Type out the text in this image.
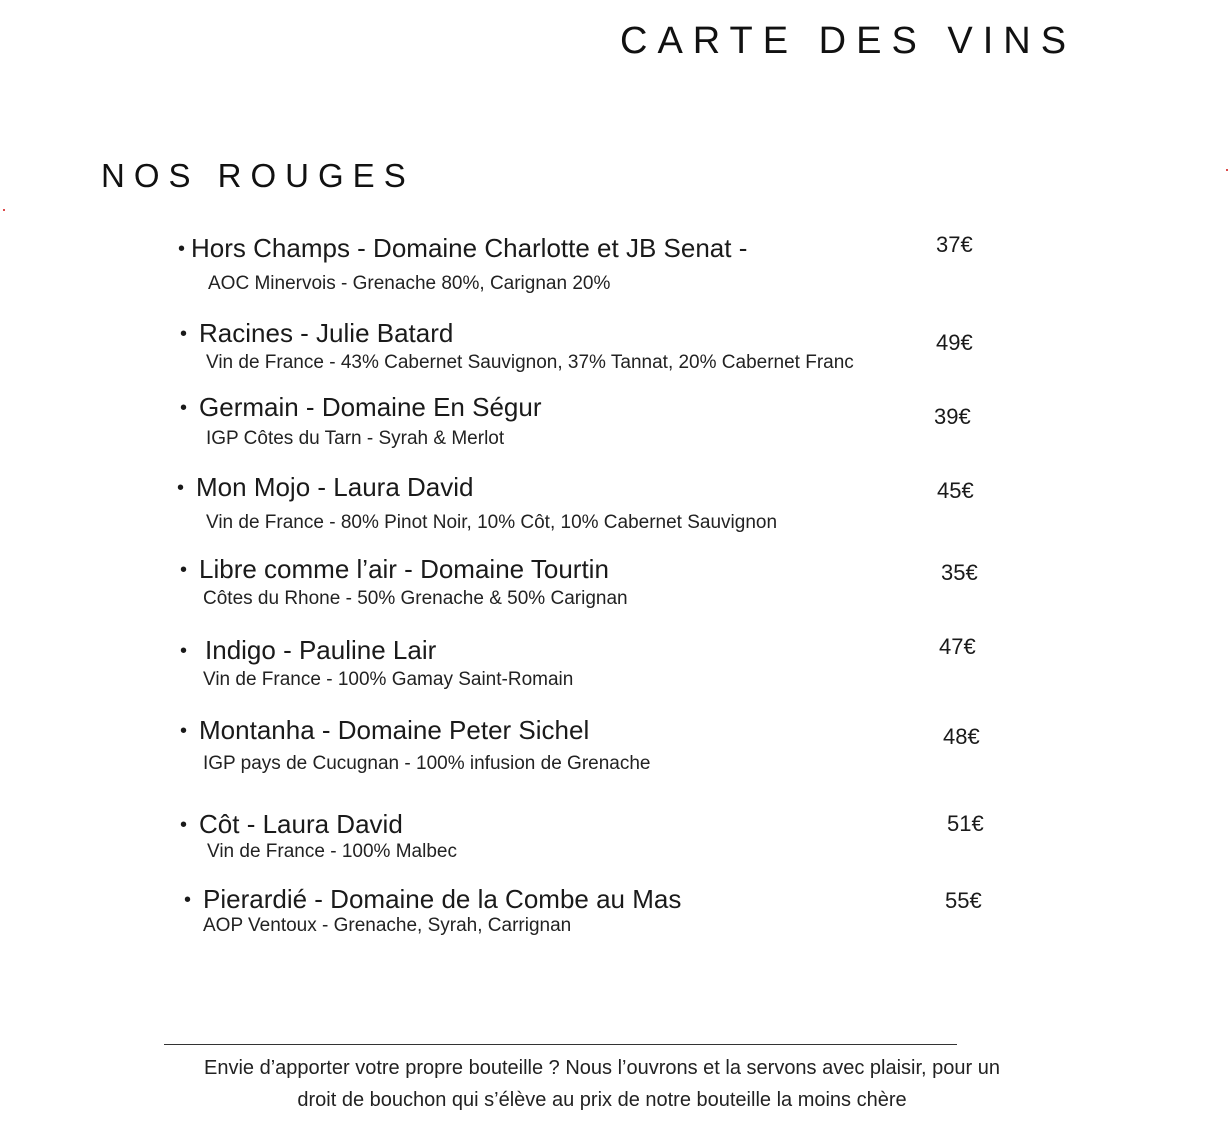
CARTE DES VINS
NOS ROUGES
• Hors Champs - Domaine Charlotte et JB Senat -
AOC Minervois - Grenache 80%, Carignan 20%
37€
• Racines - Julie Batard
Vin de France - 43% Cabernet Sauvignon, 37% Tannat, 20% Cabernet Franc
49€
• Germain - Domaine En Ségur
IGP Côtes du Tarn - Syrah & Merlot
39€
• Mon Mojo - Laura David
Vin de France - 80% Pinot Noir, 10% Côt, 10% Cabernet Sauvignon
45€
• Libre comme l’air - Domaine Tourtin
Côtes du Rhone - 50% Grenache & 50% Carignan
35€
• Indigo - Pauline Lair
Vin de France - 100% Gamay Saint-Romain
47€
• Montanha - Domaine Peter Sichel
IGP pays de Cucugnan - 100% infusion de Grenache
48€
• Côt - Laura David
Vin de France - 100% Malbec
51€
• Pierardié - Domaine de la Combe au Mas
AOP Ventoux - Grenache, Syrah, Carrignan
55€

Envie d’apporter votre propre bouteille ? Nous l’ouvrons et la servons avec plaisir, pour un
droit de bouchon qui s’élève au prix de notre bouteille la moins chère
